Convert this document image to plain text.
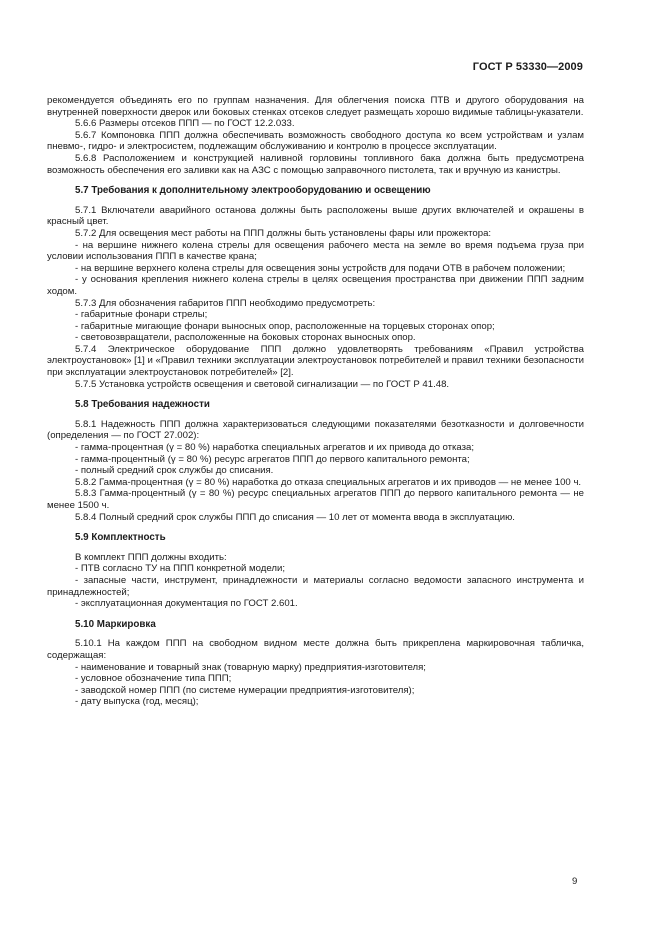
ГОСТ Р 53330—2009

рекомендуется объединять его по группам назначения. Для облегчения поиска ПТВ и другого оборудования на внутренней поверхности дверок или боковых стенках отсеков следует размещать хорошо видимые таблицы-указатели.

5.6.6 Размеры отсеков ППП — по ГОСТ 12.2.033.

5.6.7 Компоновка ППП должна обеспечивать возможность свободного доступа ко всем устройствам и узлам пневмо-, гидро- и электросистем, подлежащим обслуживанию и контролю в процессе эксплуатации.

5.6.8 Расположением и конструкцией наливной горловины топливного бака должна быть предусмотрена возможность обеспечения его заливки как на АЗС с помощью заправочного пистолета, так и вручную из канистры.

5.7 Требования к дополнительному электрооборудованию и освещению

5.7.1 Включатели аварийного останова должны быть расположены выше других включателей и окрашены в красный цвет.

5.7.2 Для освещения мест работы на ППП должны быть установлены фары или прожектора:

- на вершине нижнего колена стрелы для освещения рабочего места на земле во время подъема груза при условии использования ППП в качестве крана;

- на вершине верхнего колена стрелы для освещения зоны устройств для подачи ОТВ в рабочем положении;

- у основания крепления нижнего колена стрелы в целях освещения пространства при движении ППП задним ходом.

5.7.3 Для обозначения габаритов ППП необходимо предусмотреть:

- габаритные фонари стрелы;

- габаритные мигающие фонари выносных опор, расположенные на торцевых сторонах опор;

- световозвращатели, расположенные на боковых сторонах выносных опор.

5.7.4 Электрическое оборудование ППП должно удовлетворять требованиям «Правил устройства электроустановок» [1] и «Правил техники эксплуатации электроустановок потребителей и правил техники безопасности при эксплуатации электроустановок потребителей» [2].

5.7.5 Установка устройств освещения и световой сигнализации — по ГОСТ Р 41.48.

5.8 Требования надежности

5.8.1 Надежность ППП должна характеризоваться следующими показателями безотказности и долговечности (определения — по ГОСТ 27.002):

- гамма-процентная (γ = 80 %) наработка специальных агрегатов и их привода до отказа;

- гамма-процентный (γ = 80 %) ресурс агрегатов ППП до первого капитального ремонта;

- полный средний срок службы до списания.

5.8.2 Гамма-процентная (γ = 80 %) наработка до отказа специальных агрегатов и их приводов — не менее 100 ч.

5.8.3 Гамма-процентный (γ = 80 %) ресурс специальных агрегатов ППП до первого капитального ремонта — не менее 1500 ч.

5.8.4 Полный средний срок службы ППП до списания — 10 лет от момента ввода в эксплуатацию.

5.9 Комплектность

В комплект ППП должны входить:

- ПТВ согласно ТУ на ППП конкретной модели;

- запасные части, инструмент, принадлежности и материалы согласно ведомости запасного инструмента и принадлежностей;

- эксплуатационная документация по ГОСТ 2.601.

5.10 Маркировка

5.10.1 На каждом ППП на свободном видном месте должна быть прикреплена маркировочная табличка, содержащая:

- наименование и товарный знак (товарную марку) предприятия-изготовителя;

- условное обозначение типа ППП;

- заводской номер ППП (по системе нумерации предприятия-изготовителя);

- дату выпуска (год, месяц);

9
